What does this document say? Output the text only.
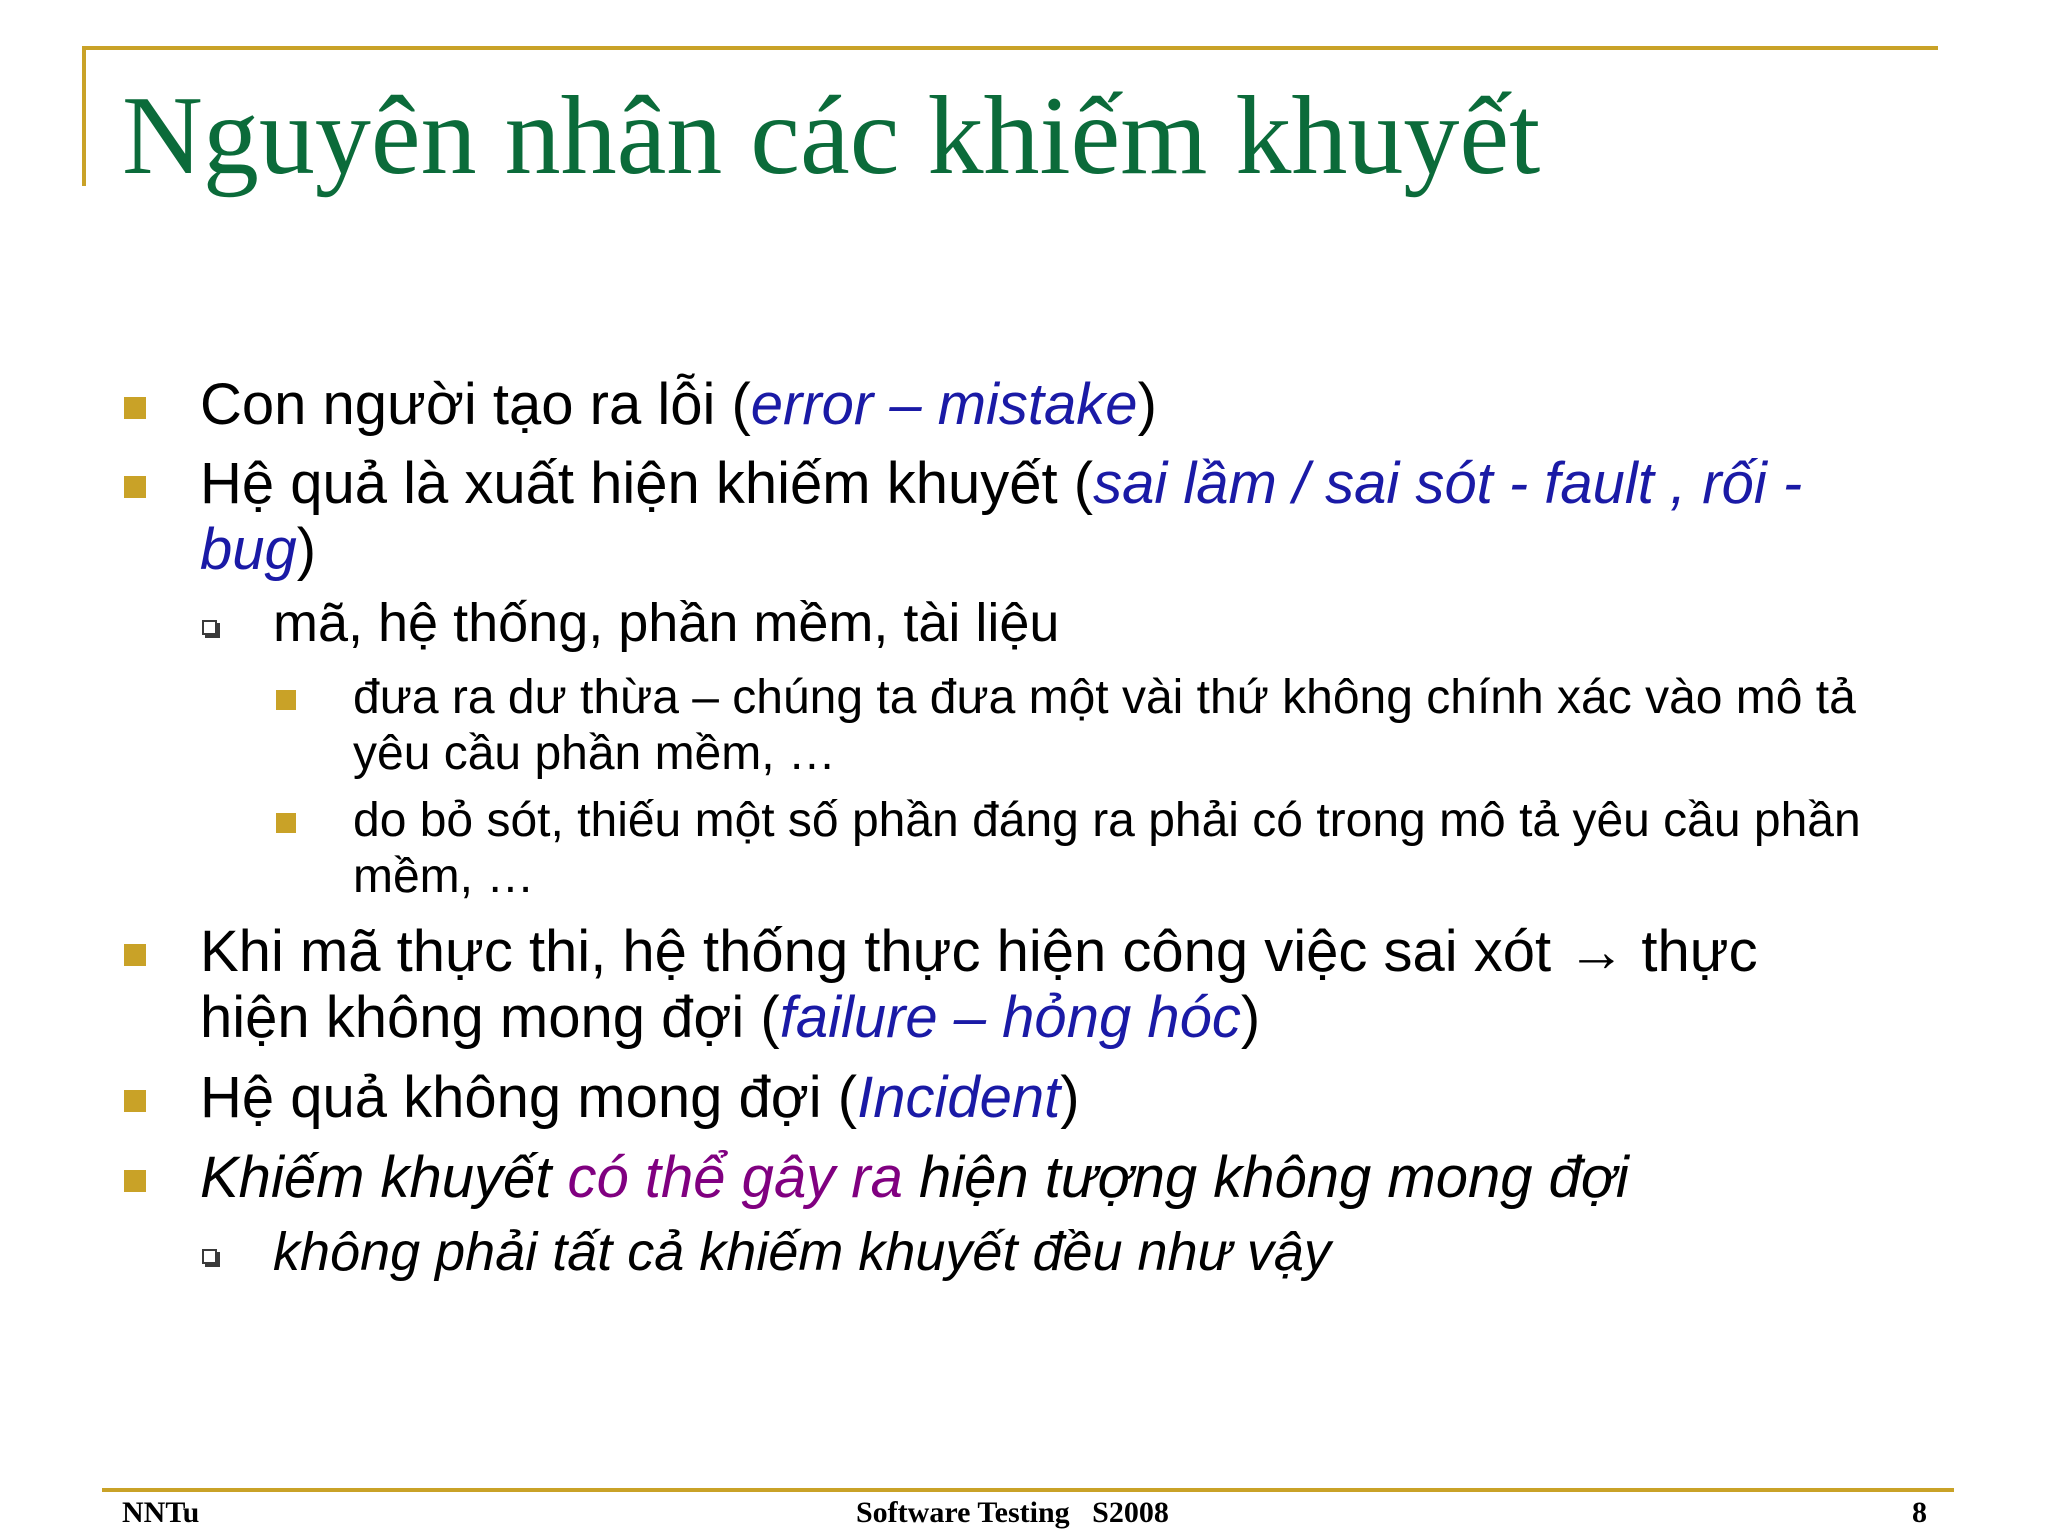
Nguyên nhân các khiếm khuyết
Con người tạo ra lỗi (error – mistake)
Hệ quả là xuất hiện khiếm khuyết (sai lầm / sai sót - fault , rối - bug)
mã, hệ thống, phần mềm, tài liệu
đưa ra dư thừa – chúng ta đưa một vài thứ không chính xác vào mô tả yêu cầu phần mềm, …
do bỏ sót, thiếu một số phần đáng ra phải có trong mô tả yêu cầu phần mềm, …
Khi mã thực thi, hệ thống thực hiện công việc sai xót → thực hiện không mong đợi (failure – hỏng hóc)
Hệ quả không mong đợi (Incident)
Khiếm khuyết có thể gây ra hiện tượng không mong đợi
không phải tất cả khiếm khuyết đều như vậy
NNTu	Software Testing   S2008	8
